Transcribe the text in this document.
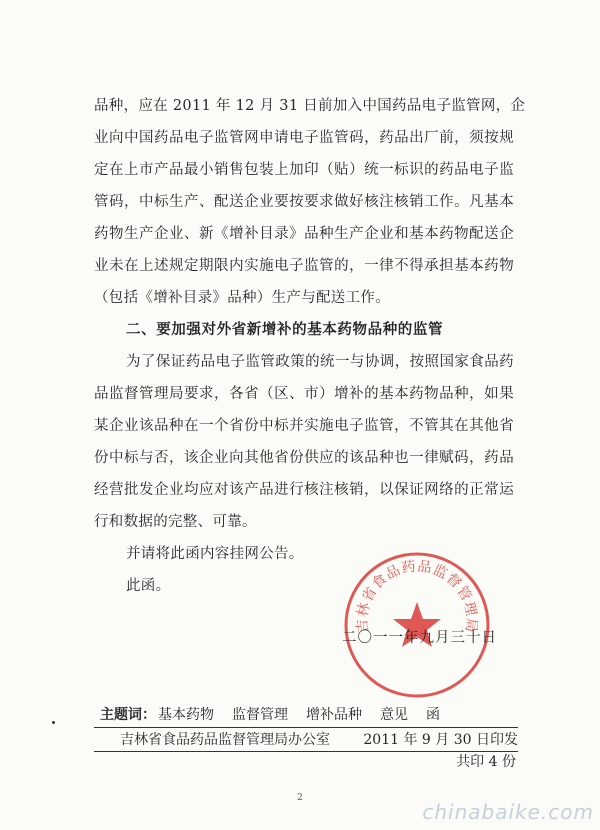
品种，应在 2011 年 12 月 31 日前加入中国药品电子监管网，企
业向中国药品电子监管网申请电子监管码，药品出厂前，须按规
定在上市产品最小销售包装上加印（贴）统一标识的药品电子监
管码，中标生产、配送企业要按要求做好核注核销工作。凡基本
药物生产企业、新《增补目录》品种生产企业和基本药物配送企
业未在上述规定期限内实施电子监管的，一律不得承担基本药物
（包括《增补目录》品种）生产与配送工作。
二、要加强对外省新增补的基本药物品种的监管
为了保证药品电子监管政策的统一与协调，按照国家食品药
品监督管理局要求，各省（区、市）增补的基本药物品种，如果
某企业该品种在一个省份中标并实施电子监管，不管其在其他省
份中标与否，该企业向其他省份供应的该品种也一律赋码，药品
经营批发企业均应对该产品进行核注核销，以保证网络的正常运
行和数据的完整、可靠。
并请将此函内容挂网公告。
此函。
吉林省食品药品监督管理局
二〇一一年九月三十日
主题词： 基本药物 监督管理 增补品种 意见 函
吉林省食品药品监督管理局办公室 2011 年 9 月 30 日印发
共印 4 份
2
chinabaike.com
